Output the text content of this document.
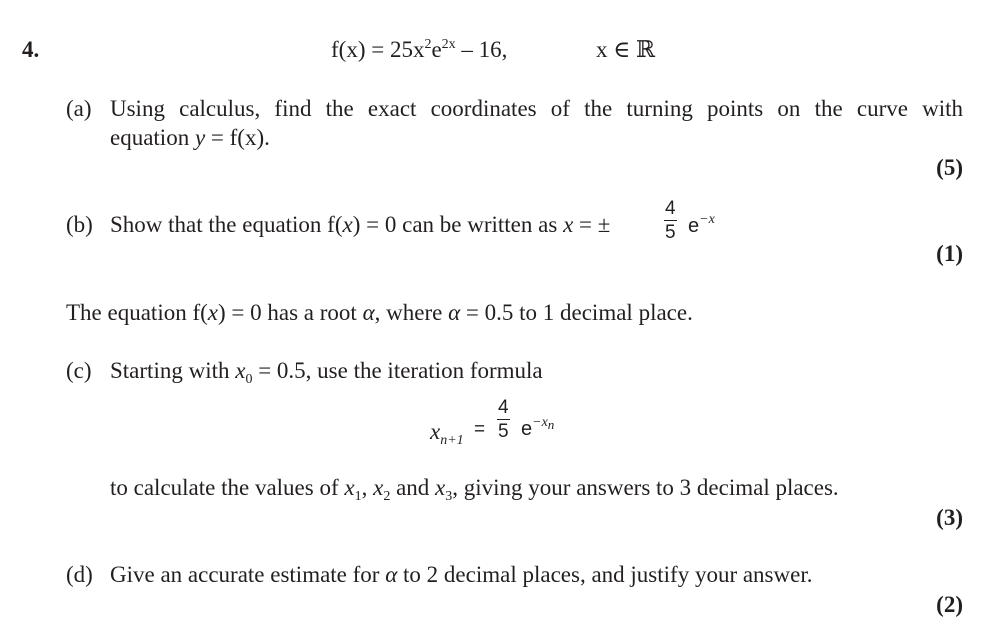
4.	$f(x) = 25x^2e^{2x} - 16$,	x ∈ ℝ
(a) Using calculus, find the exact coordinates of the turning points on the curve with
equation y = f(x).
(5)
(b) Show that the equation f(x) = 0 can be written as x = ±	$\frac{4}{5} e^{-x}$
(1)
The equation f(x) = 0 has a root α, where α = 0.5 to 1 decimal place.
(c) Starting with $x_0 = 0.5$, use the iteration formula
$x_{n+1}$
= $\frac{4}{5} e^{-xn}$
to calculate the values of $x_1$, $x_2$ and $x_3$, giving your answers to 3 decimal places.
(3)
(d) Give an accurate estimate for α to 2 decimal places, and justify your answer.
(2)
